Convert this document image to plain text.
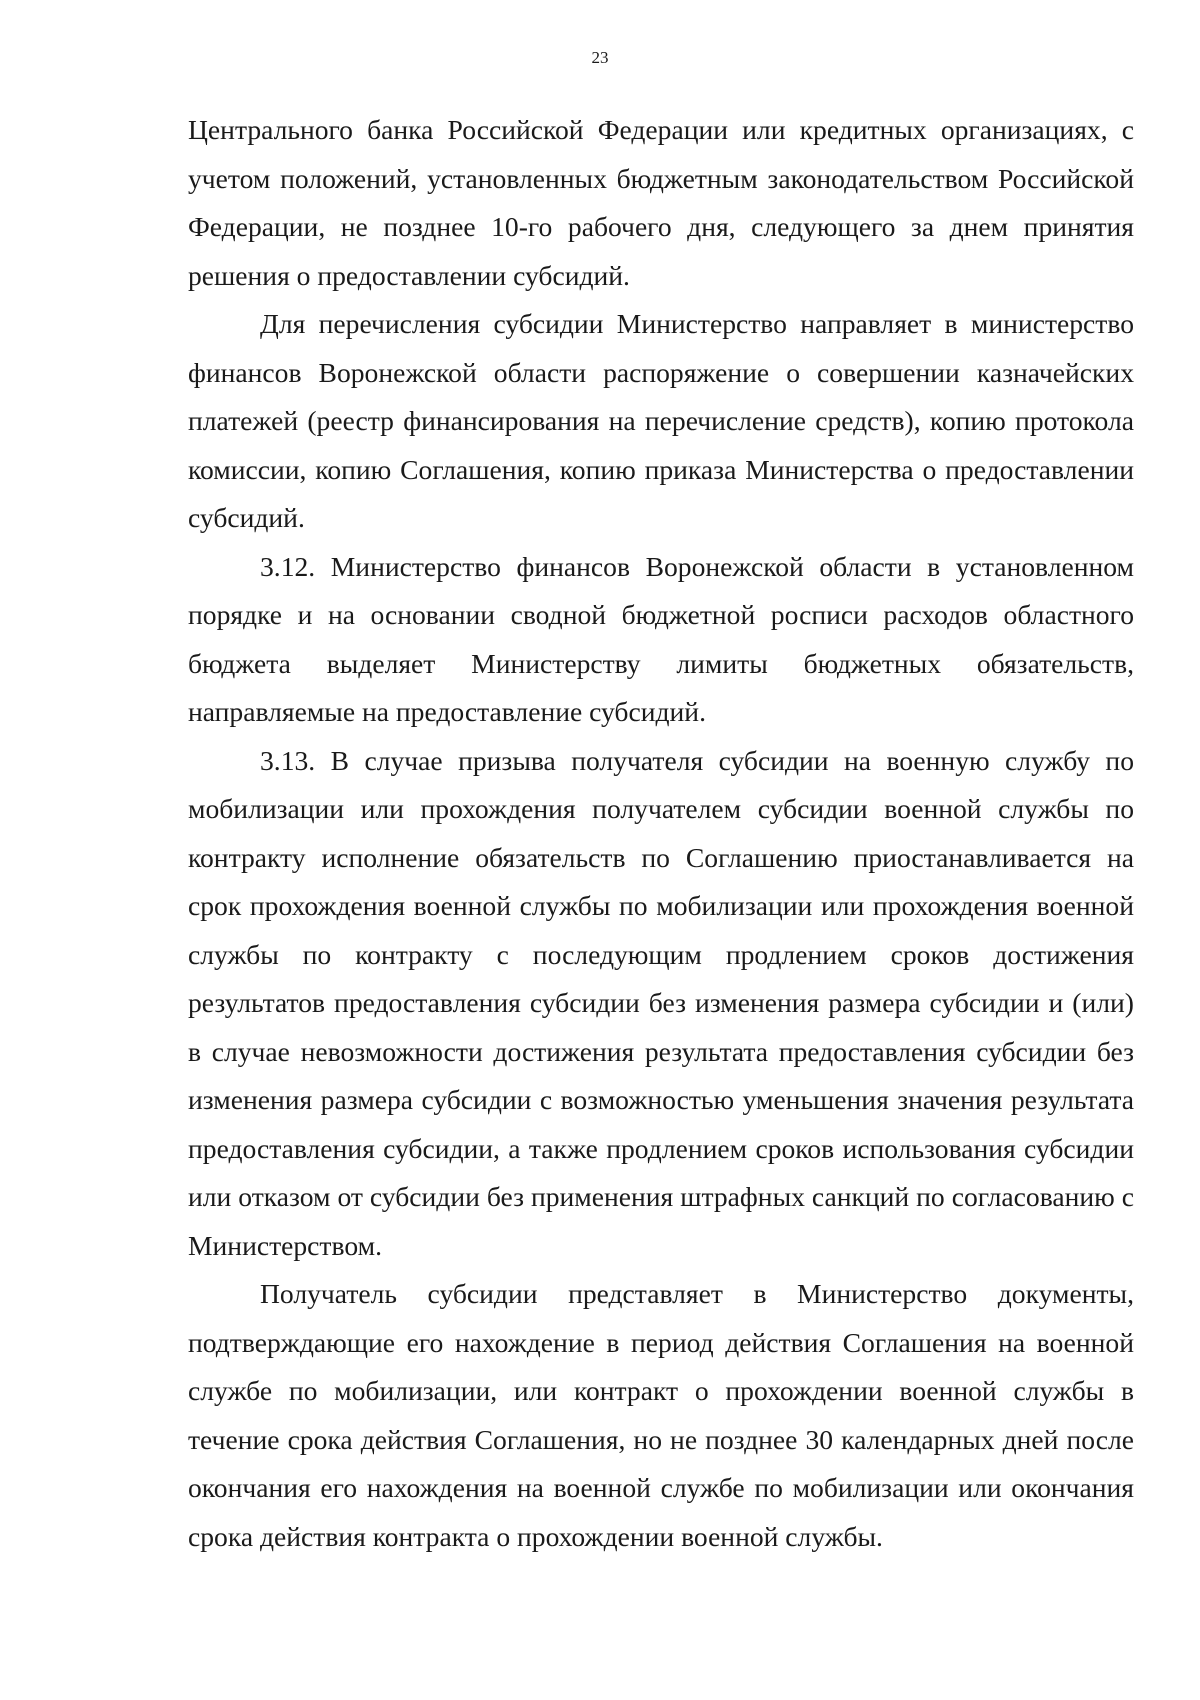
23

Центрального банка Российской Федерации или кредитных организациях, с учетом положений, установленных бюджетным законодательством Российской Федерации, не позднее 10-го рабочего дня, следующего за днем принятия решения о предоставлении субсидий.

Для перечисления субсидии Министерство направляет в министерство финансов Воронежской области распоряжение о совершении казначейских платежей (реестр финансирования на перечисление средств), копию протокола комиссии, копию Соглашения, копию приказа Министерства о предоставлении субсидий.

3.12. Министерство финансов Воронежской области в установленном порядке и на основании сводной бюджетной росписи расходов областного бюджета выделяет Министерству лимиты бюджетных обязательств, направляемые на предоставление субсидий.

3.13. В случае призыва получателя субсидии на военную службу по мобилизации или прохождения получателем субсидии военной службы по контракту исполнение обязательств по Соглашению приостанавливается на срок прохождения военной службы по мобилизации или прохождения военной службы по контракту с последующим продлением сроков достижения результатов предоставления субсидии без изменения размера субсидии и (или) в случае невозможности достижения результата предоставления субсидии без изменения размера субсидии с возможностью уменьшения значения результата предоставления субсидии, а также продлением сроков использования субсидии или отказом от субсидии без применения штрафных санкций по согласованию с Министерством.

Получатель субсидии представляет в Министерство документы, подтверждающие его нахождение в период действия Соглашения на военной службе по мобилизации, или контракт о прохождении военной службы в течение срока действия Соглашения, но не позднее 30 календарных дней после окончания его нахождения на военной службе по мобилизации или окончания срока действия контракта о прохождении военной службы.
